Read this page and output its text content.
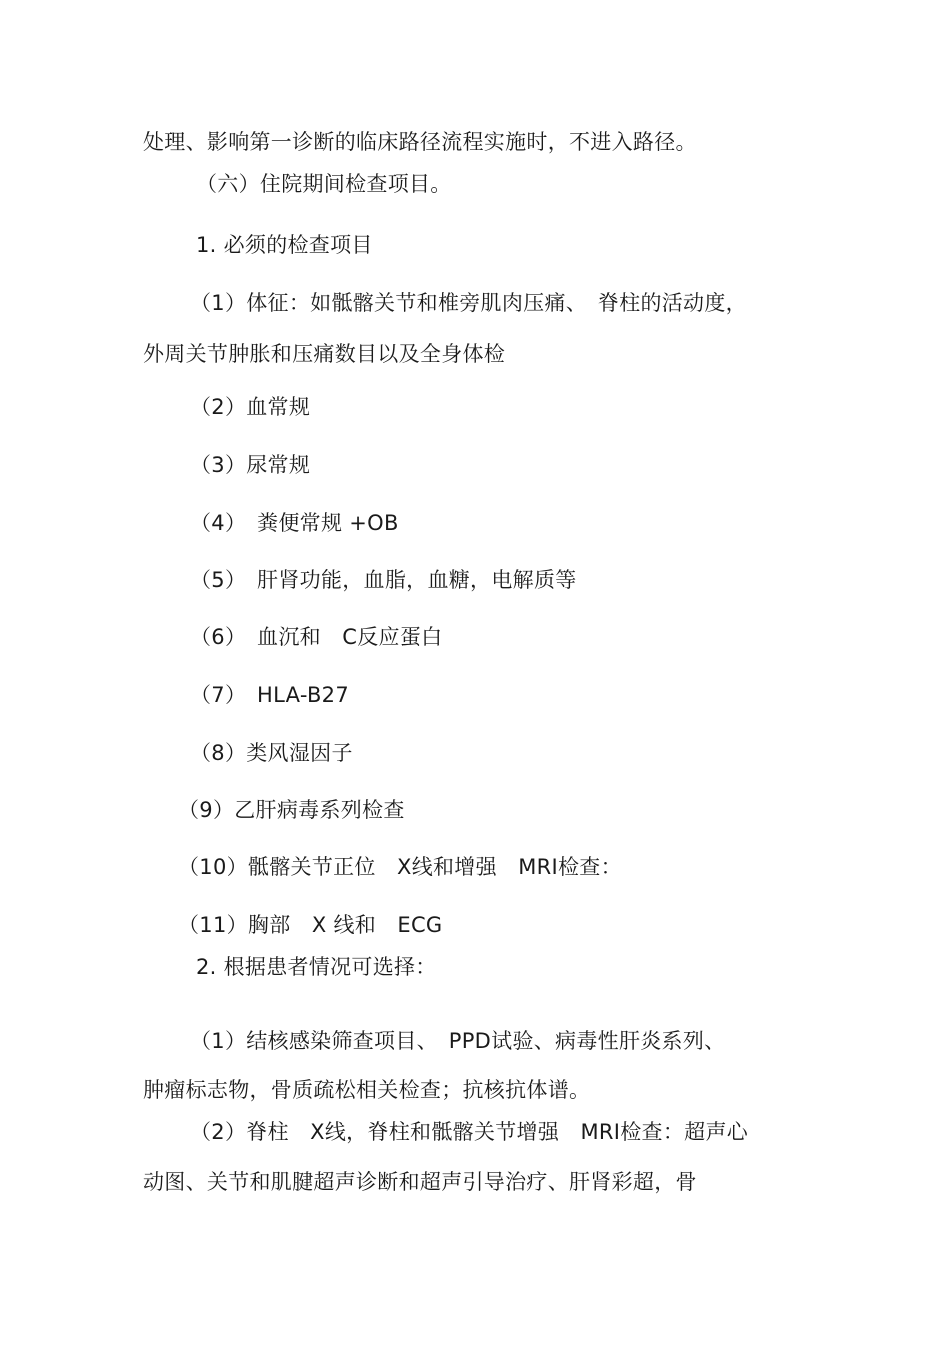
处理、影响第一诊断的临床路径流程实施时，不进入路径。
（六）住院期间检查项目。
1. 必须的检查项目
（1）体征：如骶髂关节和椎旁肌肉压痛、　脊柱的活动度，
外周关节肿胀和压痛数目以及全身体检
（2）血常规
（3）尿常规
（4）　粪便常规 +OB
（5）　肝肾功能，血脂，血糖，电解质等
（6）　血沉和　C反应蛋白
（7）　HLA-B27
（8）类风湿因子
（9）乙肝病毒系列检查
（10）骶髂关节正位　X线和增强　MRI检查：
（11）胸部　X 线和　ECG
2. 根据患者情况可选择：
（1）结核感染筛查项目、　PPD试验、病毒性肝炎系列、
肿瘤标志物，骨质疏松相关检查；抗核抗体谱。
（2）脊柱　X线，脊柱和骶髂关节增强　MRI检查：超声心
动图、关节和肌腱超声诊断和超声引导治疗、肝肾彩超，骨
